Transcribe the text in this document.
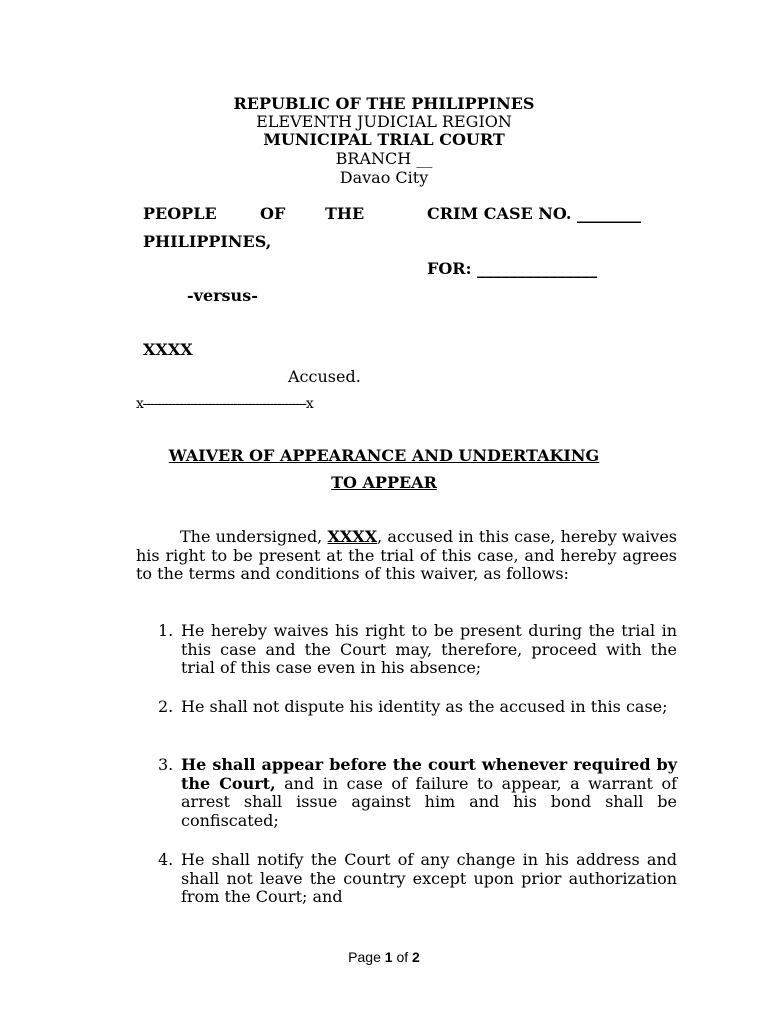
REPUBLIC OF THE PHILIPPINES
ELEVENTH JUDICIAL REGION
MUNICIPAL TRIAL COURT
BRANCH __
Davao City
PEOPLE	OF THE
PHILIPPINES,
CRIM CASE NO. ________
FOR: _______________
-versus-
XXXX
Accused.
x---------------------------------------------x
WAIVER OF APPEARANCE AND UNDERTAKING
TO APPEAR
The undersigned, XXXX, accused in this case, hereby waives his right to be present at the trial of this case, and hereby agrees to the terms and conditions of this waiver, as follows:
1. He hereby waives his right to be present during the trial in this case and the Court may, therefore, proceed with the trial of this case even in his absence;
2. He shall not dispute his identity as the accused in this case;
3. He shall appear before the court whenever required by the Court, and in case of failure to appear, a warrant of arrest shall issue against him and his bond shall be confiscated;
4. He shall notify the Court of any change in his address and shall not leave the country except upon prior authorization from the Court; and
Page 1 of 2
